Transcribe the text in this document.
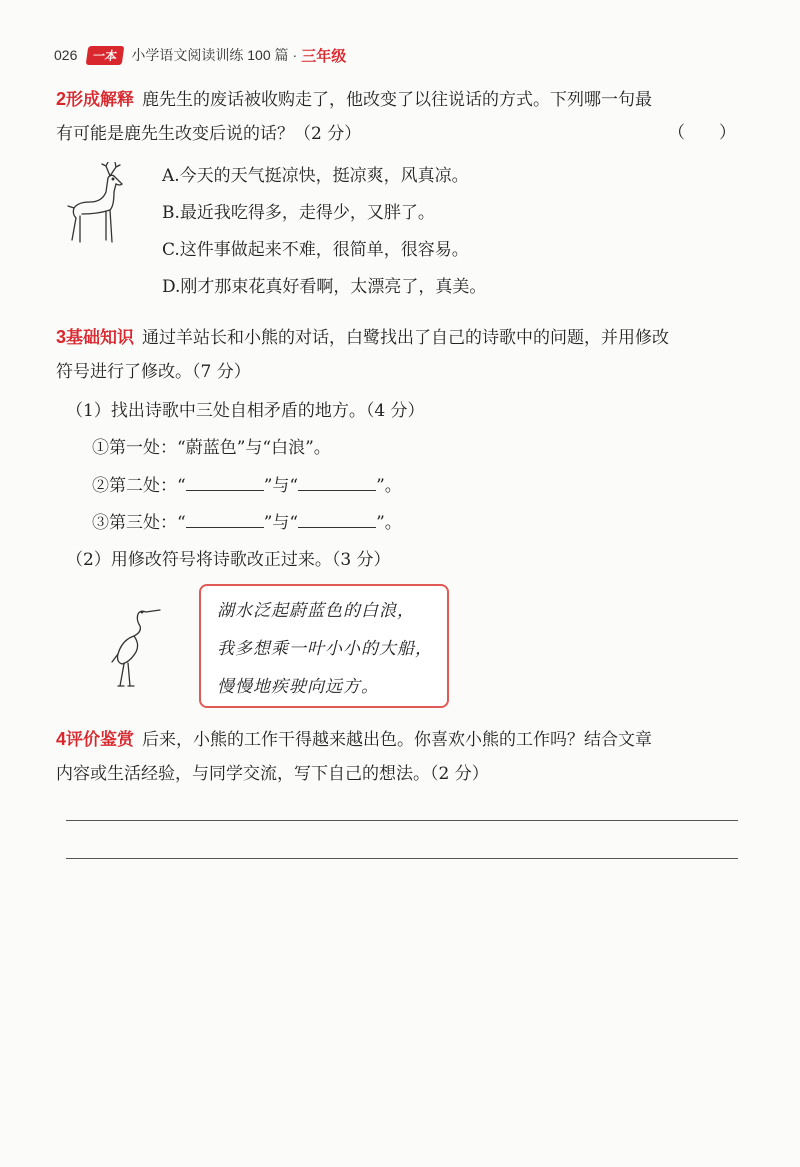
026	一本 小学语文阅读训练 100 篇 · 三年级
2形成解释 鹿先生的废话被收购走了，他改变了以往说话的方式。下列哪一句最
有可能是鹿先生改变后说的话？（2 分）	（　　）
A.今天的天气挺凉快，挺凉爽，风真凉。
B.最近我吃得多，走得少，又胖了。
C.这件事做起来不难，很简单，很容易。
D.刚才那束花真好看啊，太漂亮了，真美。
3基础知识 通过羊站长和小熊的对话，白鹭找出了自己的诗歌中的问题，并用修改
符号进行了修改。（7 分）
（1）找出诗歌中三处自相矛盾的地方。（4 分）
①第一处：“蔚蓝色”与“白浪”。
②第二处：“	”与“	”。
③第三处：“	”与“	”。
（2）用修改符号将诗歌改正过来。（3 分）
湖水泛起蔚蓝色的白浪，
我多想乘一叶小小的大船，
慢慢地疾驶向远方。
4评价鉴赏 后来，小熊的工作干得越来越出色。你喜欢小熊的工作吗？结合文章
内容或生活经验，与同学交流，写下自己的想法。（2 分）
